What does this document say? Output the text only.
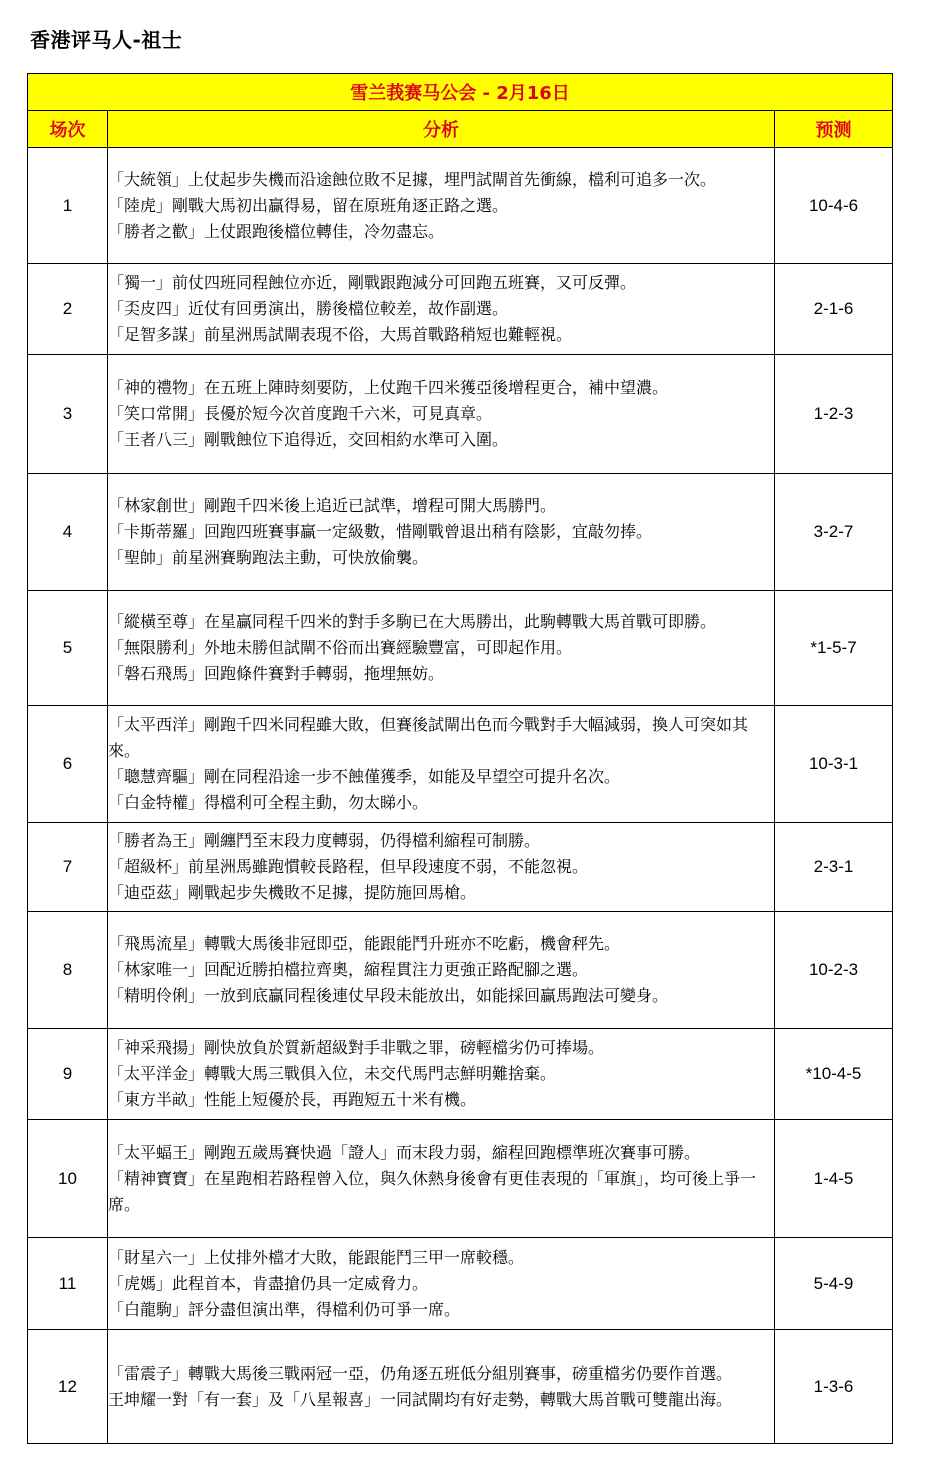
香港评马人-祖士
雪兰莪赛马公会 - 2月16日		
场次	分析	预测
1	「大統領」上仗起步失機而沿途蝕位敗不足據，埋門試閘首先衝線，檔利可追多一次。
「陸虎」剛戰大馬初出贏得易，留在原班角逐正路之選。
「勝者之歡」上仗跟跑後檔位轉佳，冷勿盡忘。	10-4-6
2	「獨一」前仗四班同程蝕位亦近，剛戰跟跑減分可回跑五班賽，又可反彈。
「奀皮四」近仗有回勇演出，勝後檔位較差，故作副選。
「足智多謀」前星洲馬試閘表現不俗，大馬首戰路稍短也難輕視。	2-1-6
3	「神的禮物」在五班上陣時刻要防，上仗跑千四米獲亞後增程更合，補中望濃。
「笑口常開」長優於短今次首度跑千六米，可見真章。
「王者八三」剛戰蝕位下追得近，交回相約水準可入圍。	1-2-3
4	「林家創世」剛跑千四米後上追近已試準，增程可開大馬勝門。
「卡斯蒂羅」回跑四班賽事贏一定級數，惜剛戰曾退出稍有陰影，宜敲勿捧。
「聖帥」前星洲賽駒跑法主動，可快放偷襲。	3-2-7
5	「縱橫至尊」在星贏同程千四米的對手多駒已在大馬勝出，此駒轉戰大馬首戰可即勝。
「無限勝利」外地未勝但試閘不俗而出賽經驗豐富，可即起作用。
「磐石飛馬」回跑條件賽對手轉弱，拖埋無妨。	*1-5-7
6	「太平西洋」剛跑千四米同程雖大敗，但賽後試閘出色而今戰對手大幅減弱，換人可突如其來。
「聰慧齊驅」剛在同程沿途一步不蝕僅獲季，如能及早望空可提升名次。
「白金特權」得檔利可全程主動，勿太睇小。	10-3-1
7	「勝者為王」剛纏鬥至末段力度轉弱，仍得檔利縮程可制勝。
「超級杯」前星洲馬雖跑慣較長路程，但早段速度不弱，不能忽視。
「迪亞茲」剛戰起步失機敗不足據，提防施回馬槍。	2-3-1
8	「飛馬流星」轉戰大馬後非冠即亞，能跟能鬥升班亦不吃虧，機會秤先。
「林家唯一」回配近勝拍檔拉齊奧，縮程貫注力更強正路配腳之選。
「精明伶俐」一放到底贏同程後連仗早段未能放出，如能採回贏馬跑法可變身。	10-2-3
9	「神采飛揚」剛快放負於質新超級對手非戰之罪，磅輕檔劣仍可捧場。
「太平洋金」轉戰大馬三戰俱入位，未交代馬門志鮮明難捨棄。
「東方半畝」性能上短優於長，再跑短五十米有機。	*10-4-5
10	「太平蝠王」剛跑五歲馬賽快過「證人」而末段力弱，縮程回跑標準班次賽事可勝。
「精神寶寶」在星跑相若路程曾入位，與久休熱身後會有更佳表現的「軍旗」，均可後上爭一席。	1-4-5
11	「財星六一」上仗排外檔才大敗，能跟能鬥三甲一席較穩。
「虎媽」此程首本，肯盡搶仍具一定威脅力。
「白龍駒」評分盡但演出準，得檔利仍可爭一席。	5-4-9
12	「雷震子」轉戰大馬後三戰兩冠一亞，仍角逐五班低分組別賽事，磅重檔劣仍要作首選。
王坤耀一對「有一套」及「八星報喜」一同試閘均有好走勢，轉戰大馬首戰可雙龍出海。	1-3-6
